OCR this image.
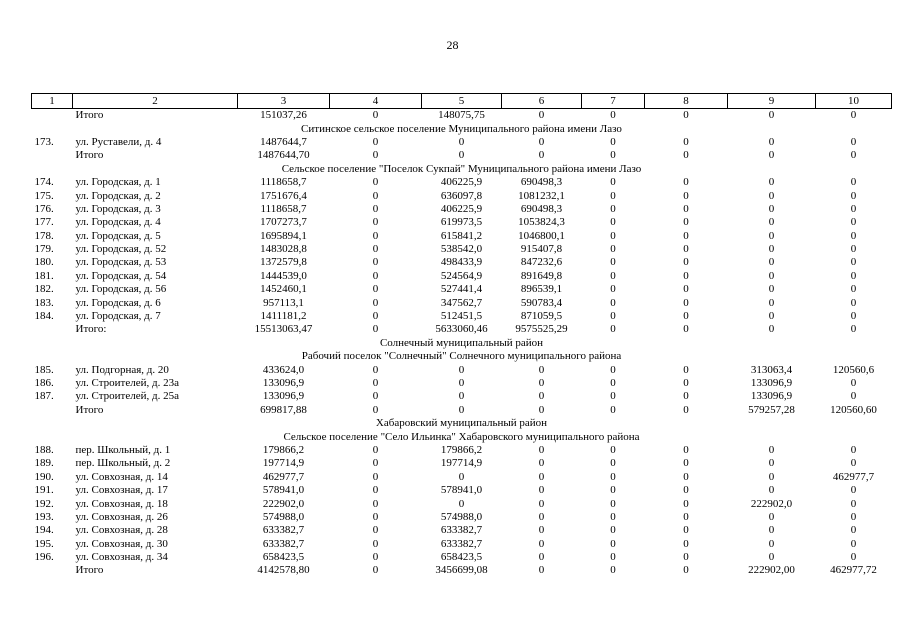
28
1	2	3	4	5	6	7	8	9	10
	Итого	151037,26	0	148075,75	0	0	0	0	0
Ситинское сельское поселение Муниципального района имени Лазо									
173.	ул. Руставели, д. 4	1487644,7	0	0	0	0	0	0	0
	Итого	1487644,70	0	0	0	0	0	0	0
Сельское поселение "Поселок Сукпай" Муниципального района имени Лазо									
174.	ул. Городская, д. 1	1118658,7	0	406225,9	690498,3	0	0	0	0
175.	ул. Городская, д. 2	1751676,4	0	636097,8	1081232,1	0	0	0	0
176.	ул. Городская, д. 3	1118658,7	0	406225,9	690498,3	0	0	0	0
177.	ул. Городская, д. 4	1707273,7	0	619973,5	1053824,3	0	0	0	0
178.	ул. Городская, д. 5	1695894,1	0	615841,2	1046800,1	0	0	0	0
179.	ул. Городская, д. 52	1483028,8	0	538542,0	915407,8	0	0	0	0
180.	ул. Городская, д. 53	1372579,8	0	498433,9	847232,6	0	0	0	0
181.	ул. Городская, д. 54	1444539,0	0	524564,9	891649,8	0	0	0	0
182.	ул. Городская, д. 56	1452460,1	0	527441,4	896539,1	0	0	0	0
183.	ул. Городская, д. 6	957113,1	0	347562,7	590783,4	0	0	0	0
184.	ул. Городская, д. 7	1411181,2	0	512451,5	871059,5	0	0	0	0
	Итого:	15513063,47	0	5633060,46	9575525,29	0	0	0	0
Солнечный муниципальный район									
Рабочий поселок "Солнечный" Солнечного муниципального района									
185.	ул. Подгорная, д. 20	433624,0	0	0	0	0	0	313063,4	120560,6
186.	ул. Строителей, д. 23а	133096,9	0	0	0	0	0	133096,9	0
187.	ул. Строителей, д. 25а	133096,9	0	0	0	0	0	133096,9	0
	Итого	699817,88	0	0	0	0	0	579257,28	120560,60
Хабаровский муниципальный район									
Сельское поселение "Село Ильинка" Хабаровского муниципального района									
188.	пер. Школьный, д. 1	179866,2	0	179866,2	0	0	0	0	0
189.	пер. Школьный, д. 2	197714,9	0	197714,9	0	0	0	0	0
190.	ул. Совхозная, д. 14	462977,7	0	0	0	0	0	0	462977,7
191.	ул. Совхозная, д. 17	578941,0	0	578941,0	0	0	0	0	0
192.	ул. Совхозная, д. 18	222902,0	0	0	0	0	0	222902,0	0
193.	ул. Совхозная, д. 26	574988,0	0	574988,0	0	0	0	0	0
194.	ул. Совхозная, д. 28	633382,7	0	633382,7	0	0	0	0	0
195.	ул. Совхозная, д. 30	633382,7	0	633382,7	0	0	0	0	0
196.	ул. Совхозная, д. 34	658423,5	0	658423,5	0	0	0	0	0
	Итого	4142578,80	0	3456699,08	0	0	0	222902,00	462977,72
